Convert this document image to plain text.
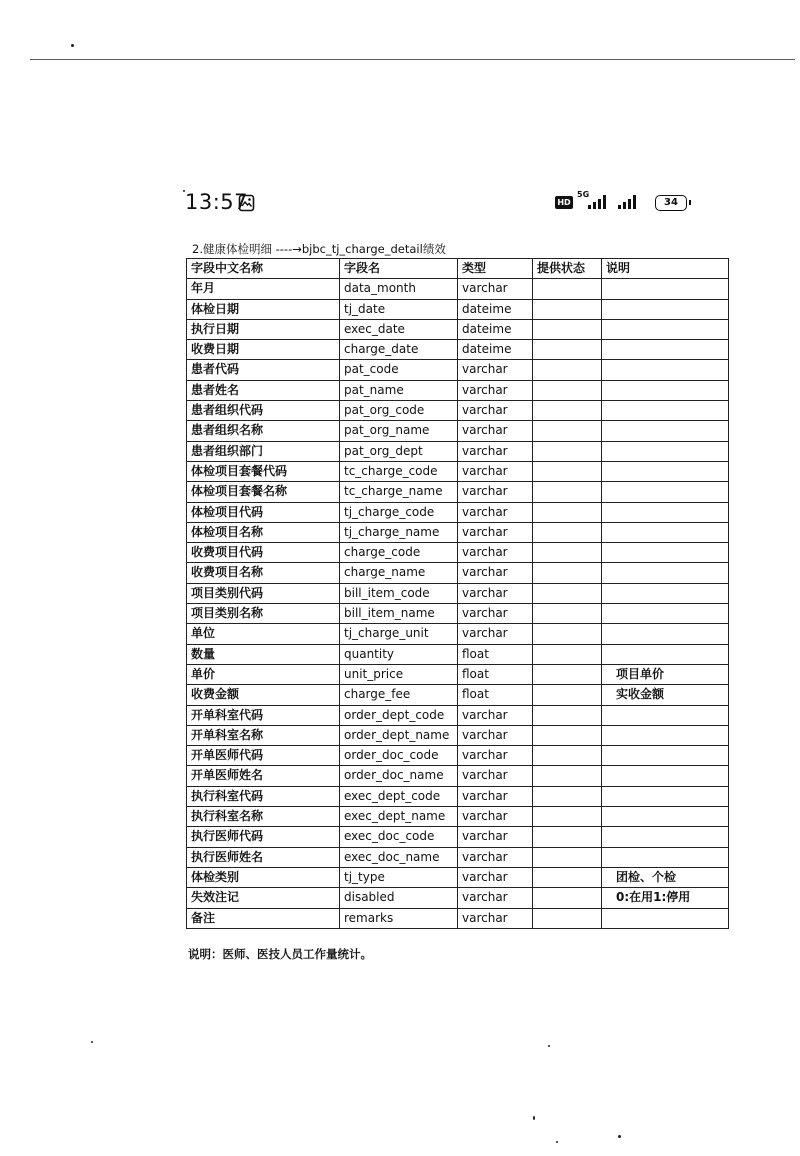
13:57	HD
5G
34
2.健康体检明细 ----→bjbc_tj_charge_detail绩效
字段中文名称	字段名	类型	提供状态	说明
年月	data_month	varchar		
体检日期	tj_date	dateime		
执行日期	exec_date	dateime		
收费日期	charge_date	dateime		
患者代码	pat_code	varchar		
患者姓名	pat_name	varchar		
患者组织代码	pat_org_code	varchar		
患者组织名称	pat_org_name	varchar		
患者组织部门	pat_org_dept	varchar		
体检项目套餐代码	tc_charge_code	varchar		
体检项目套餐名称	tc_charge_name	varchar		
体检项目代码	tj_charge_code	varchar		
体检项目名称	tj_charge_name	varchar		
收费项目代码	charge_code	varchar		
收费项目名称	charge_name	varchar		
项目类别代码	bill_item_code	varchar		
项目类别名称	bill_item_name	varchar		
单位	tj_charge_unit	varchar		
数量	quantity	float		
单价	unit_price	float		项目单价
收费金额	charge_fee	float		实收金额
开单科室代码	order_dept_code	varchar		
开单科室名称	order_dept_name	varchar		
开单医师代码	order_doc_code	varchar		
开单医师姓名	order_doc_name	varchar		
执行科室代码	exec_dept_code	varchar		
执行科室名称	exec_dept_name	varchar		
执行医师代码	exec_doc_code	varchar		
执行医师姓名	exec_doc_name	varchar		
体检类别	tj_type	varchar		团检、个检
失效注记	disabled	varchar		0:在用1:停用
备注	remarks	varchar		
说明：医师、医技人员工作量统计。
